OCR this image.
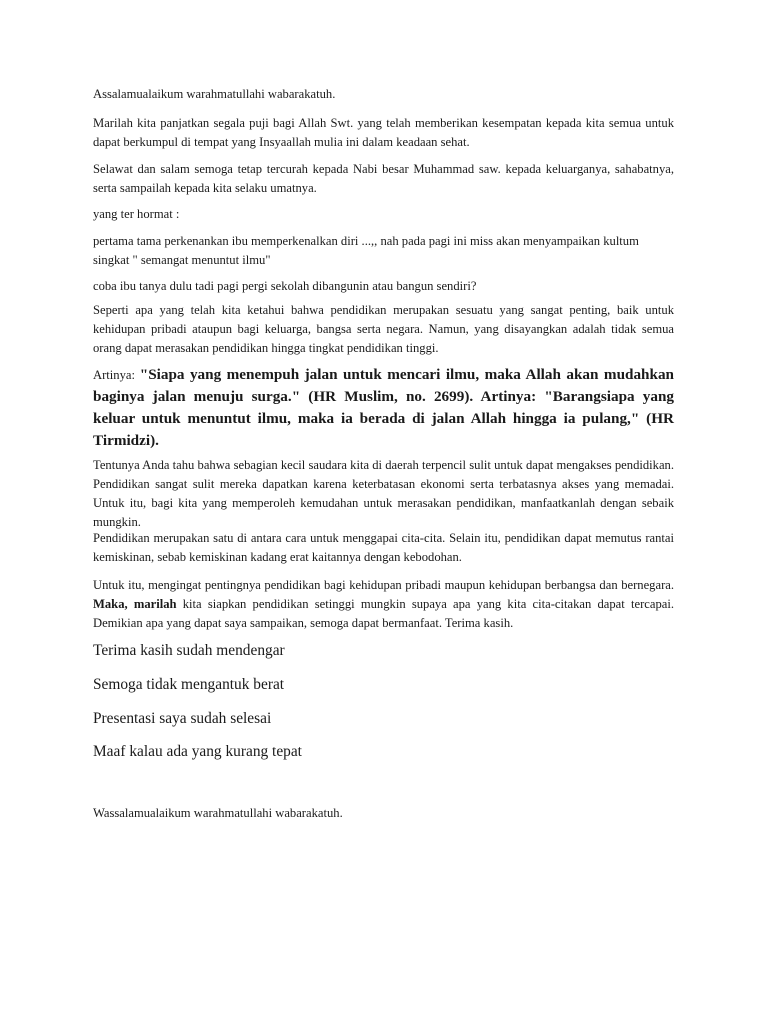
Assalamualaikum warahmatullahi wabarakatuh.

Marilah kita panjatkan segala puji bagi Allah Swt. yang telah memberikan kesempatan kepada kita semua untuk dapat berkumpul di tempat yang Insyaallah mulia ini dalam keadaan sehat.

Selawat dan salam semoga tetap tercurah kepada Nabi besar Muhammad saw. kepada keluarganya, sahabatnya, serta sampailah kepada kita selaku umatnya.

yang ter hormat :

pertama tama perkenankan ibu memperkenalkan diri ...,, nah pada pagi ini miss akan menyampaikan kultum singkat " semangat menuntut ilmu"

coba ibu tanya dulu tadi pagi pergi sekolah dibangunin atau bangun sendiri?

Seperti apa yang telah kita ketahui bahwa pendidikan merupakan sesuatu yang sangat penting, baik untuk kehidupan pribadi ataupun bagi keluarga, bangsa serta negara. Namun, yang disayangkan adalah tidak semua orang dapat merasakan pendidikan hingga tingkat pendidikan tinggi.

Artinya: "Siapa yang menempuh jalan untuk mencari ilmu, maka Allah akan mudahkan baginya jalan menuju surga." (HR Muslim, no. 2699). Artinya: "Barangsiapa yang keluar untuk menuntut ilmu, maka ia berada di jalan Allah hingga ia pulang," (HR Tirmidzi).

Tentunya Anda tahu bahwa sebagian kecil saudara kita di daerah terpencil sulit untuk dapat mengakses pendidikan. Pendidikan sangat sulit mereka dapatkan karena keterbatasan ekonomi serta terbatasnya akses yang memadai. Untuk itu, bagi kita yang memperoleh kemudahan untuk merasakan pendidikan, manfaatkanlah dengan sebaik mungkin.

Pendidikan merupakan satu di antara cara untuk menggapai cita-cita. Selain itu, pendidikan dapat memutus rantai kemiskinan, sebab kemiskinan kadang erat kaitannya dengan kebodohan.

Untuk itu, mengingat pentingnya pendidikan bagi kehidupan pribadi maupun kehidupan berbangsa dan bernegara. Maka, marilah kita siapkan pendidikan setinggi mungkin supaya apa yang kita cita-citakan dapat tercapai. Demikian apa yang dapat saya sampaikan, semoga dapat bermanfaat. Terima kasih.

Terima kasih sudah mendengar

Semoga tidak mengantuk berat

Presentasi saya sudah selesai

Maaf kalau ada yang kurang tepat

Wassalamualaikum warahmatullahi wabarakatuh.
